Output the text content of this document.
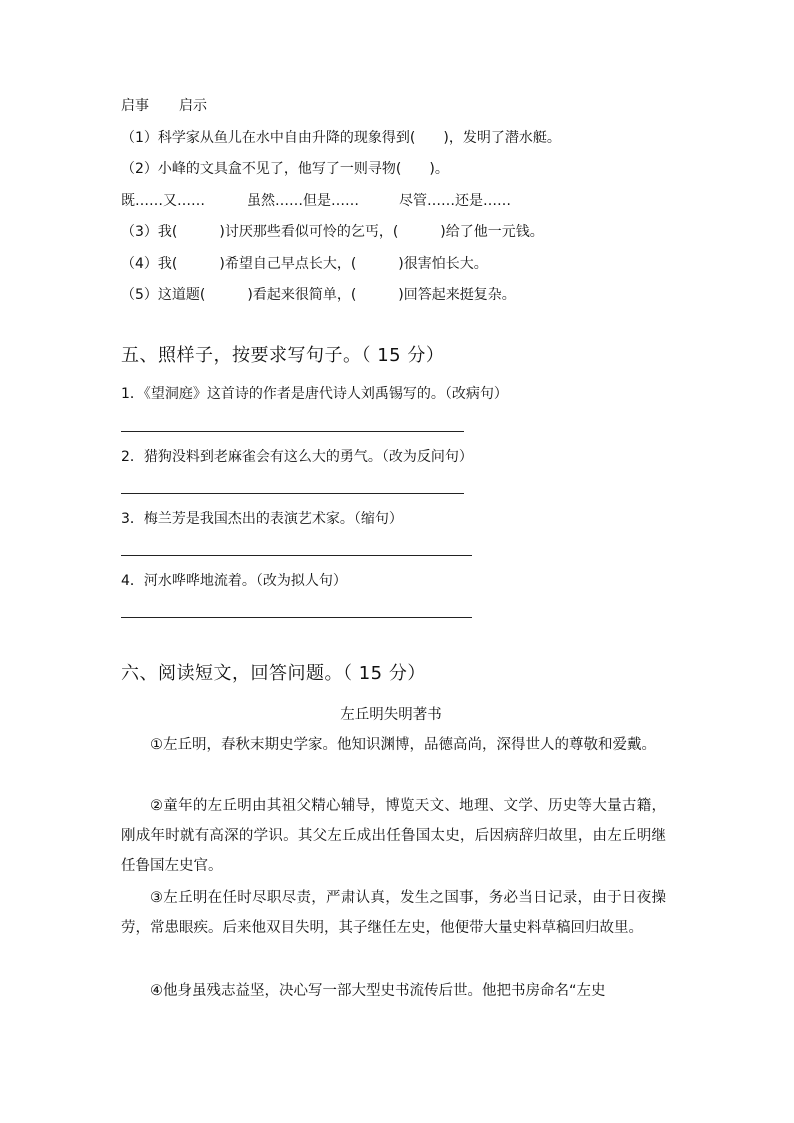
启事 启示
（1）科学家从鱼儿在水中自由升降的现象得到(　　)，发明了潜水艇。
（2）小峰的文具盒不见了，他写了一则寻物(　　)。
既……又……	虽然……但是……	尽管……还是……
（3）我(　　　)讨厌那些看似可怜的乞丐，(　　　)给了他一元钱。
（4）我(　　　)希望自己早点长大，(　　　)很害怕长大。
（5）这道题(　　　)看起来很简单，(　　　)回答起来挺复杂。
五、照样子，按要求写句子。（ 15 分）
1．《望洞庭》这首诗的作者是唐代诗人刘禹锡写的。（改病句）
2．猎狗没料到老麻雀会有这么大的勇气。（改为反问句）
3．梅兰芳是我国杰出的表演艺术家。（缩句）
4．河水哗哗地流着。（改为拟人句）
六、阅读短文，回答问题。（ 15 分）
左丘明失明著书
①左丘明，春秋末期史学家。他知识渊博，品德高尚，深得世人的尊敬和爱戴。
②童年的左丘明由其祖父精心辅导，博览天文、地理、文学、历史等大量古籍，刚成年时就有高深的学识。其父左丘成出任鲁国太史，后因病辞归故里，由左丘明继任鲁国左史官。
③左丘明在任时尽职尽责，严肃认真，发生之国事，务必当日记录，由于日夜操劳，常患眼疾。后来他双目失明，其子继任左史，他便带大量史料草稿回归故里。
④他身虽残志益坚，决心写一部大型史书流传后世。他把书房命名“左史
